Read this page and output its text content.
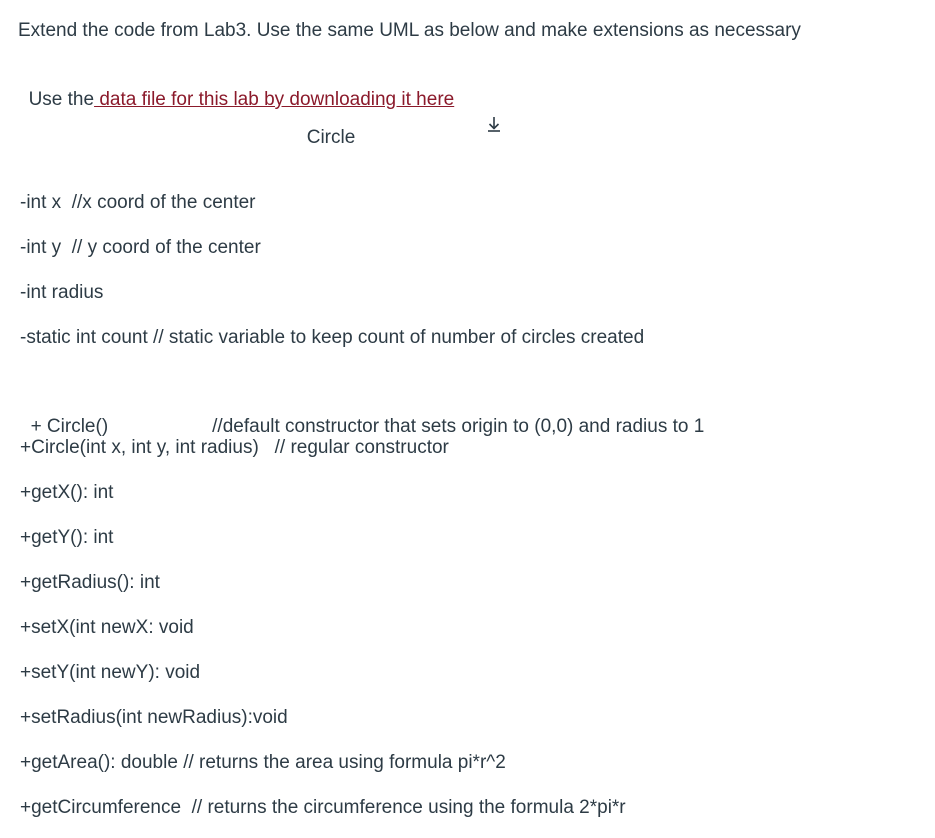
Extend the code from Lab3. Use the same UML as below and make extensions as necessary

Use the data file for this lab by downloading it here

Circle
-int x  //x coord of the center
-int y  // y coord of the center
-int radius
-static int count // static variable to keep count of number of circles created

+ Circle()	//default constructor that sets origin to (0,0) and radius to 1

+Circle(int x, int y, int radius)   // regular constructor
+getX(): int
+getY(): int
+getRadius(): int
+setX(int newX: void
+setY(int newY): void
+setRadius(int newRadius):void
+getArea(): double // returns the area using formula pi*r^2
+getCircumference  // returns the circumference using the formula 2*pi*r
